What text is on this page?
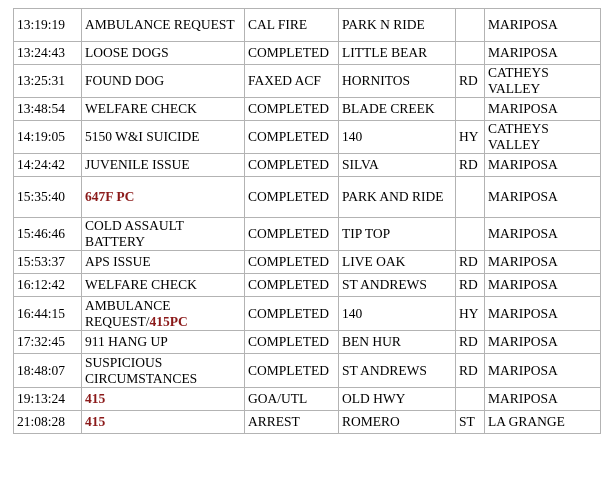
13:19:19	AMBULANCE REQUEST	CAL FIRE	PARK N RIDE		MARIPOSA
13:24:43	LOOSE DOGS	COMPLETED	LITTLE BEAR		MARIPOSA
13:25:31	FOUND DOG	FAXED ACF	HORNITOS	RD	CATHEYS VALLEY
13:48:54	WELFARE CHECK	COMPLETED	BLADE CREEK		MARIPOSA
14:19:05	5150 W&I SUICIDE	COMPLETED	140	HY	CATHEYS VALLEY
14:24:42	JUVENILE ISSUE	COMPLETED	SILVA	RD	MARIPOSA
15:35:40	647F PC	COMPLETED	PARK AND RIDE		MARIPOSA
15:46:46	COLD ASSAULT BATTERY	COMPLETED	TIP TOP		MARIPOSA
15:53:37	APS ISSUE	COMPLETED	LIVE OAK	RD	MARIPOSA
16:12:42	WELFARE CHECK	COMPLETED	ST ANDREWS	RD	MARIPOSA
16:44:15	AMBULANCE REQUEST/415PC	COMPLETED	140	HY	MARIPOSA
17:32:45	911 HANG UP	COMPLETED	BEN HUR	RD	MARIPOSA
18:48:07	SUSPICIOUS CIRCUMSTANCES	COMPLETED	ST ANDREWS	RD	MARIPOSA
19:13:24	415	GOA/UTL	OLD HWY		MARIPOSA
21:08:28	415	ARREST	ROMERO	ST	LA GRANGE
